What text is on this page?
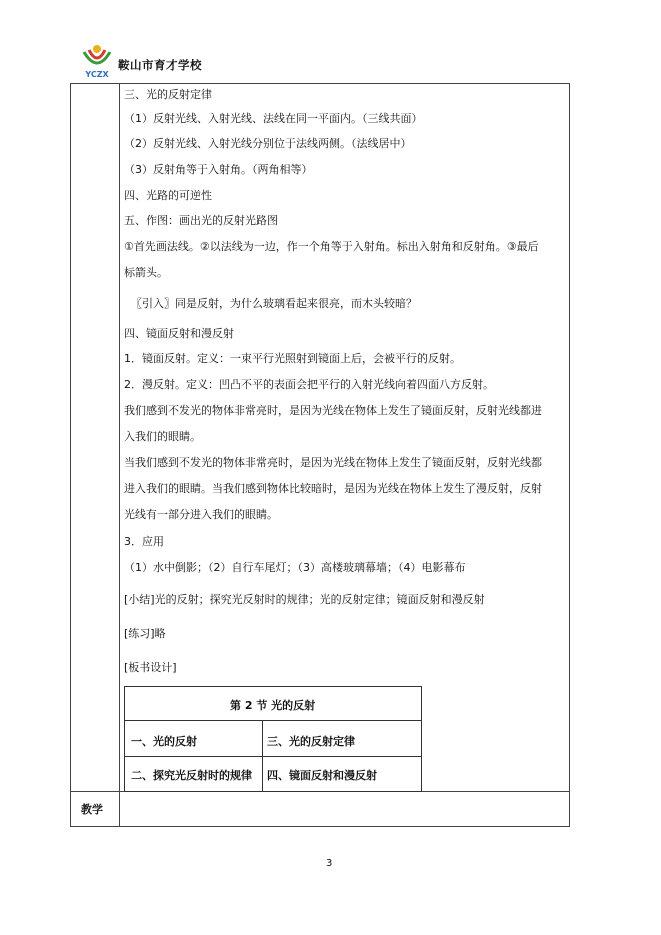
YCZX
鞍山市育才学校
教学
三、光的反射定律
（1）反射光线、入射光线、法线在同一平面内。（三线共面）
（2）反射光线、入射光线分别位于法线两侧。（法线居中）
（3）反射角等于入射角。（两角相等）
四、光路的可逆性
五、作图：画出光的反射光路图
①首先画法线。②以法线为一边，作一个角等于入射角。标出入射角和反射角。③最后
标箭头。
〖引入〗同是反射，为什么玻璃看起来很亮，而木头较暗？
四、镜面反射和漫反射
1．镜面反射。定义：一束平行光照射到镜面上后，会被平行的反射。
2．漫反射。定义：凹凸不平的表面会把平行的入射光线向着四面八方反射。
我们感到不发光的物体非常亮时，是因为光线在物体上发生了镜面反射，反射光线都进
入我们的眼睛。
当我们感到不发光的物体非常亮时，是因为光线在物体上发生了镜面反射，反射光线都
进入我们的眼睛。当我们感到物体比较暗时，是因为光线在物体上发生了漫反射，反射
光线有一部分进入我们的眼睛。
3．应用
（1）水中倒影；（2）自行车尾灯；（3）高楼玻璃幕墙；（4）电影幕布
[小结]光的反射；探究光反射时的规律；光的反射定律；镜面反射和漫反射
[练习]略
[板书设计]
第 2 节 光的反射
一、光的反射	三、光的反射定律
二、探究光反射时的规律 四、镜面反射和漫反射
3
